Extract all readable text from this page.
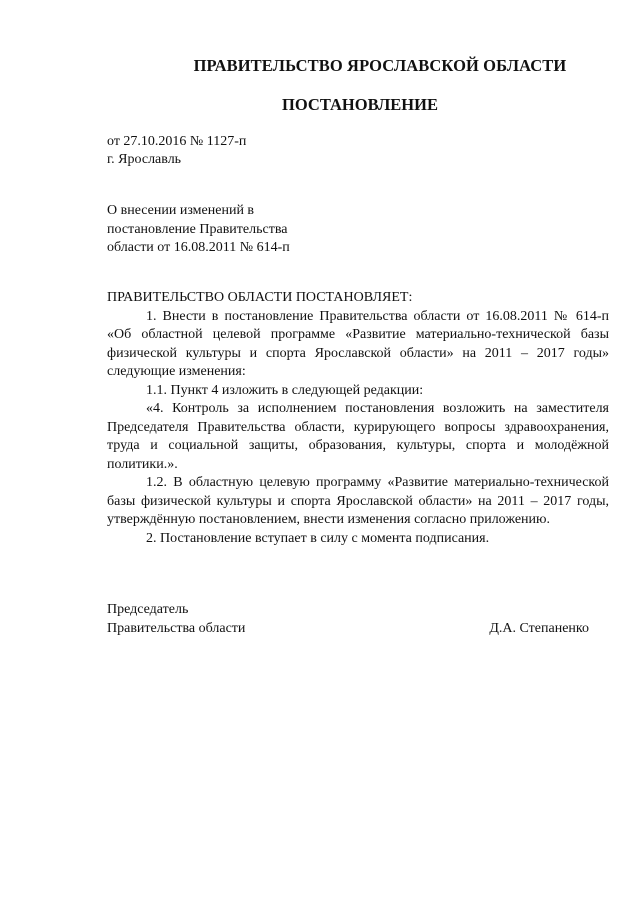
ПРАВИТЕЛЬСТВО ЯРОСЛАВСКОЙ ОБЛАСТИ
ПОСТАНОВЛЕНИЕ
от 27.10.2016 № 1127-п
г. Ярославль
О внесении изменений в
постановление Правительства
области от 16.08.2011 № 614-п

ПРАВИТЕЛЬСТВО ОБЛАСТИ ПОСТАНОВЛЯЕТ:

1. Внести в постановление Правительства области от 16.08.2011 № 614-п «Об областной целевой программе «Развитие материально-технической базы физической культуры и спорта Ярославской области» на 2011 – 2017 годы» следующие изменения:

1.1. Пункт 4 изложить в следующей редакции:

«4. Контроль за исполнением постановления возложить на заместителя Председателя Правительства области, курирующего вопросы здравоохранения, труда и социальной защиты, образования, культуры, спорта и молодёжной политики.».

1.2. В областную целевую программу «Развитие материально-технической базы физической культуры и спорта Ярославской области» на 2011 – 2017 годы, утверждённую постановлением, внести изменения согласно приложению.

2. Постановление вступает в силу с момента подписания.

Председатель
Правительства области	Д.А. Степаненко
